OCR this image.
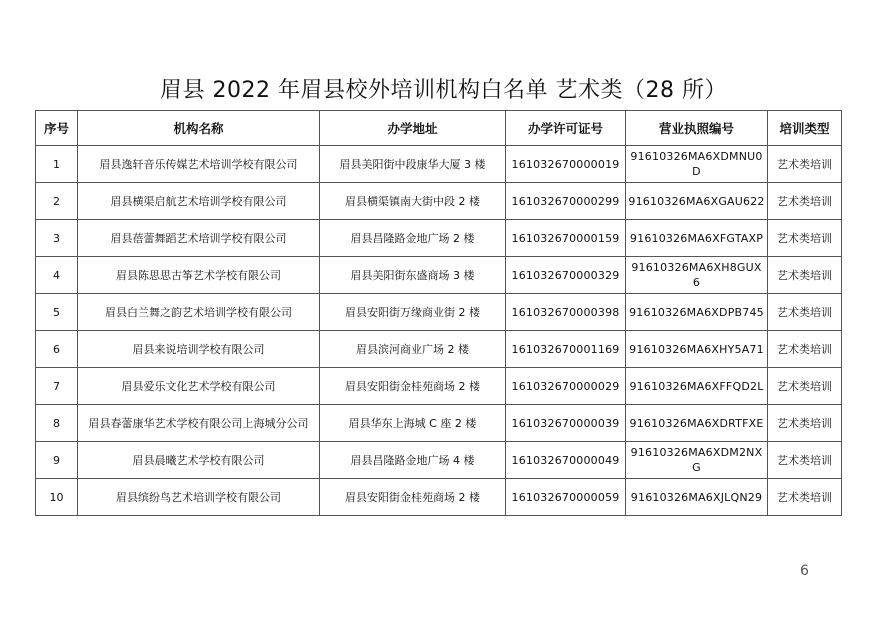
眉县 2022 年眉县校外培训机构白名单 艺术类（28 所）
序号	机构名称	办学地址	办学许可证号	营业执照编号	培训类型
1	眉县逸轩音乐传媒艺术培训学校有限公司	眉县美阳街中段康华大厦 3 楼	161032670000019	91610326MA6XDMNU0D	艺术类培训
2	眉县横渠启航艺术培训学校有限公司	眉县横渠镇南大街中段 2 楼	161032670000299	91610326MA6XGAU622	艺术类培训
3	眉县蓓蕾舞蹈艺术培训学校有限公司	眉县昌隆路金地广场 2 楼	161032670000159	91610326MA6XFGTAXP	艺术类培训
4	眉县陈思思古筝艺术学校有限公司	眉县美阳街东盛商场 3 楼	161032670000329	91610326MA6XH8GUX6	艺术类培训
5	眉县白兰舞之韵艺术培训学校有限公司	眉县安阳街万缘商业街 2 楼	161032670000398	91610326MA6XDPB745	艺术类培训
6	眉县来说培训学校有限公司	眉县滨河商业广场 2 楼	161032670001169	91610326MA6XHY5A71	艺术类培训
7	眉县爱乐文化艺术学校有限公司	眉县安阳街金桂苑商场 2 楼	161032670000029	91610326MA6XFFQD2L	艺术类培训
8	眉县春蕾康华艺术学校有限公司上海城分公司	眉县华东上海城 C 座 2 楼	161032670000039	91610326MA6XDRTFXE	艺术类培训
9	眉县晨曦艺术学校有限公司	眉县昌隆路金地广场 4 楼	161032670000049	91610326MA6XDM2NXG	艺术类培训
10	眉县缤纷鸟艺术培训学校有限公司	眉县安阳街金桂苑商场 2 楼	161032670000059	91610326MA6XJLQN29	艺术类培训
6
